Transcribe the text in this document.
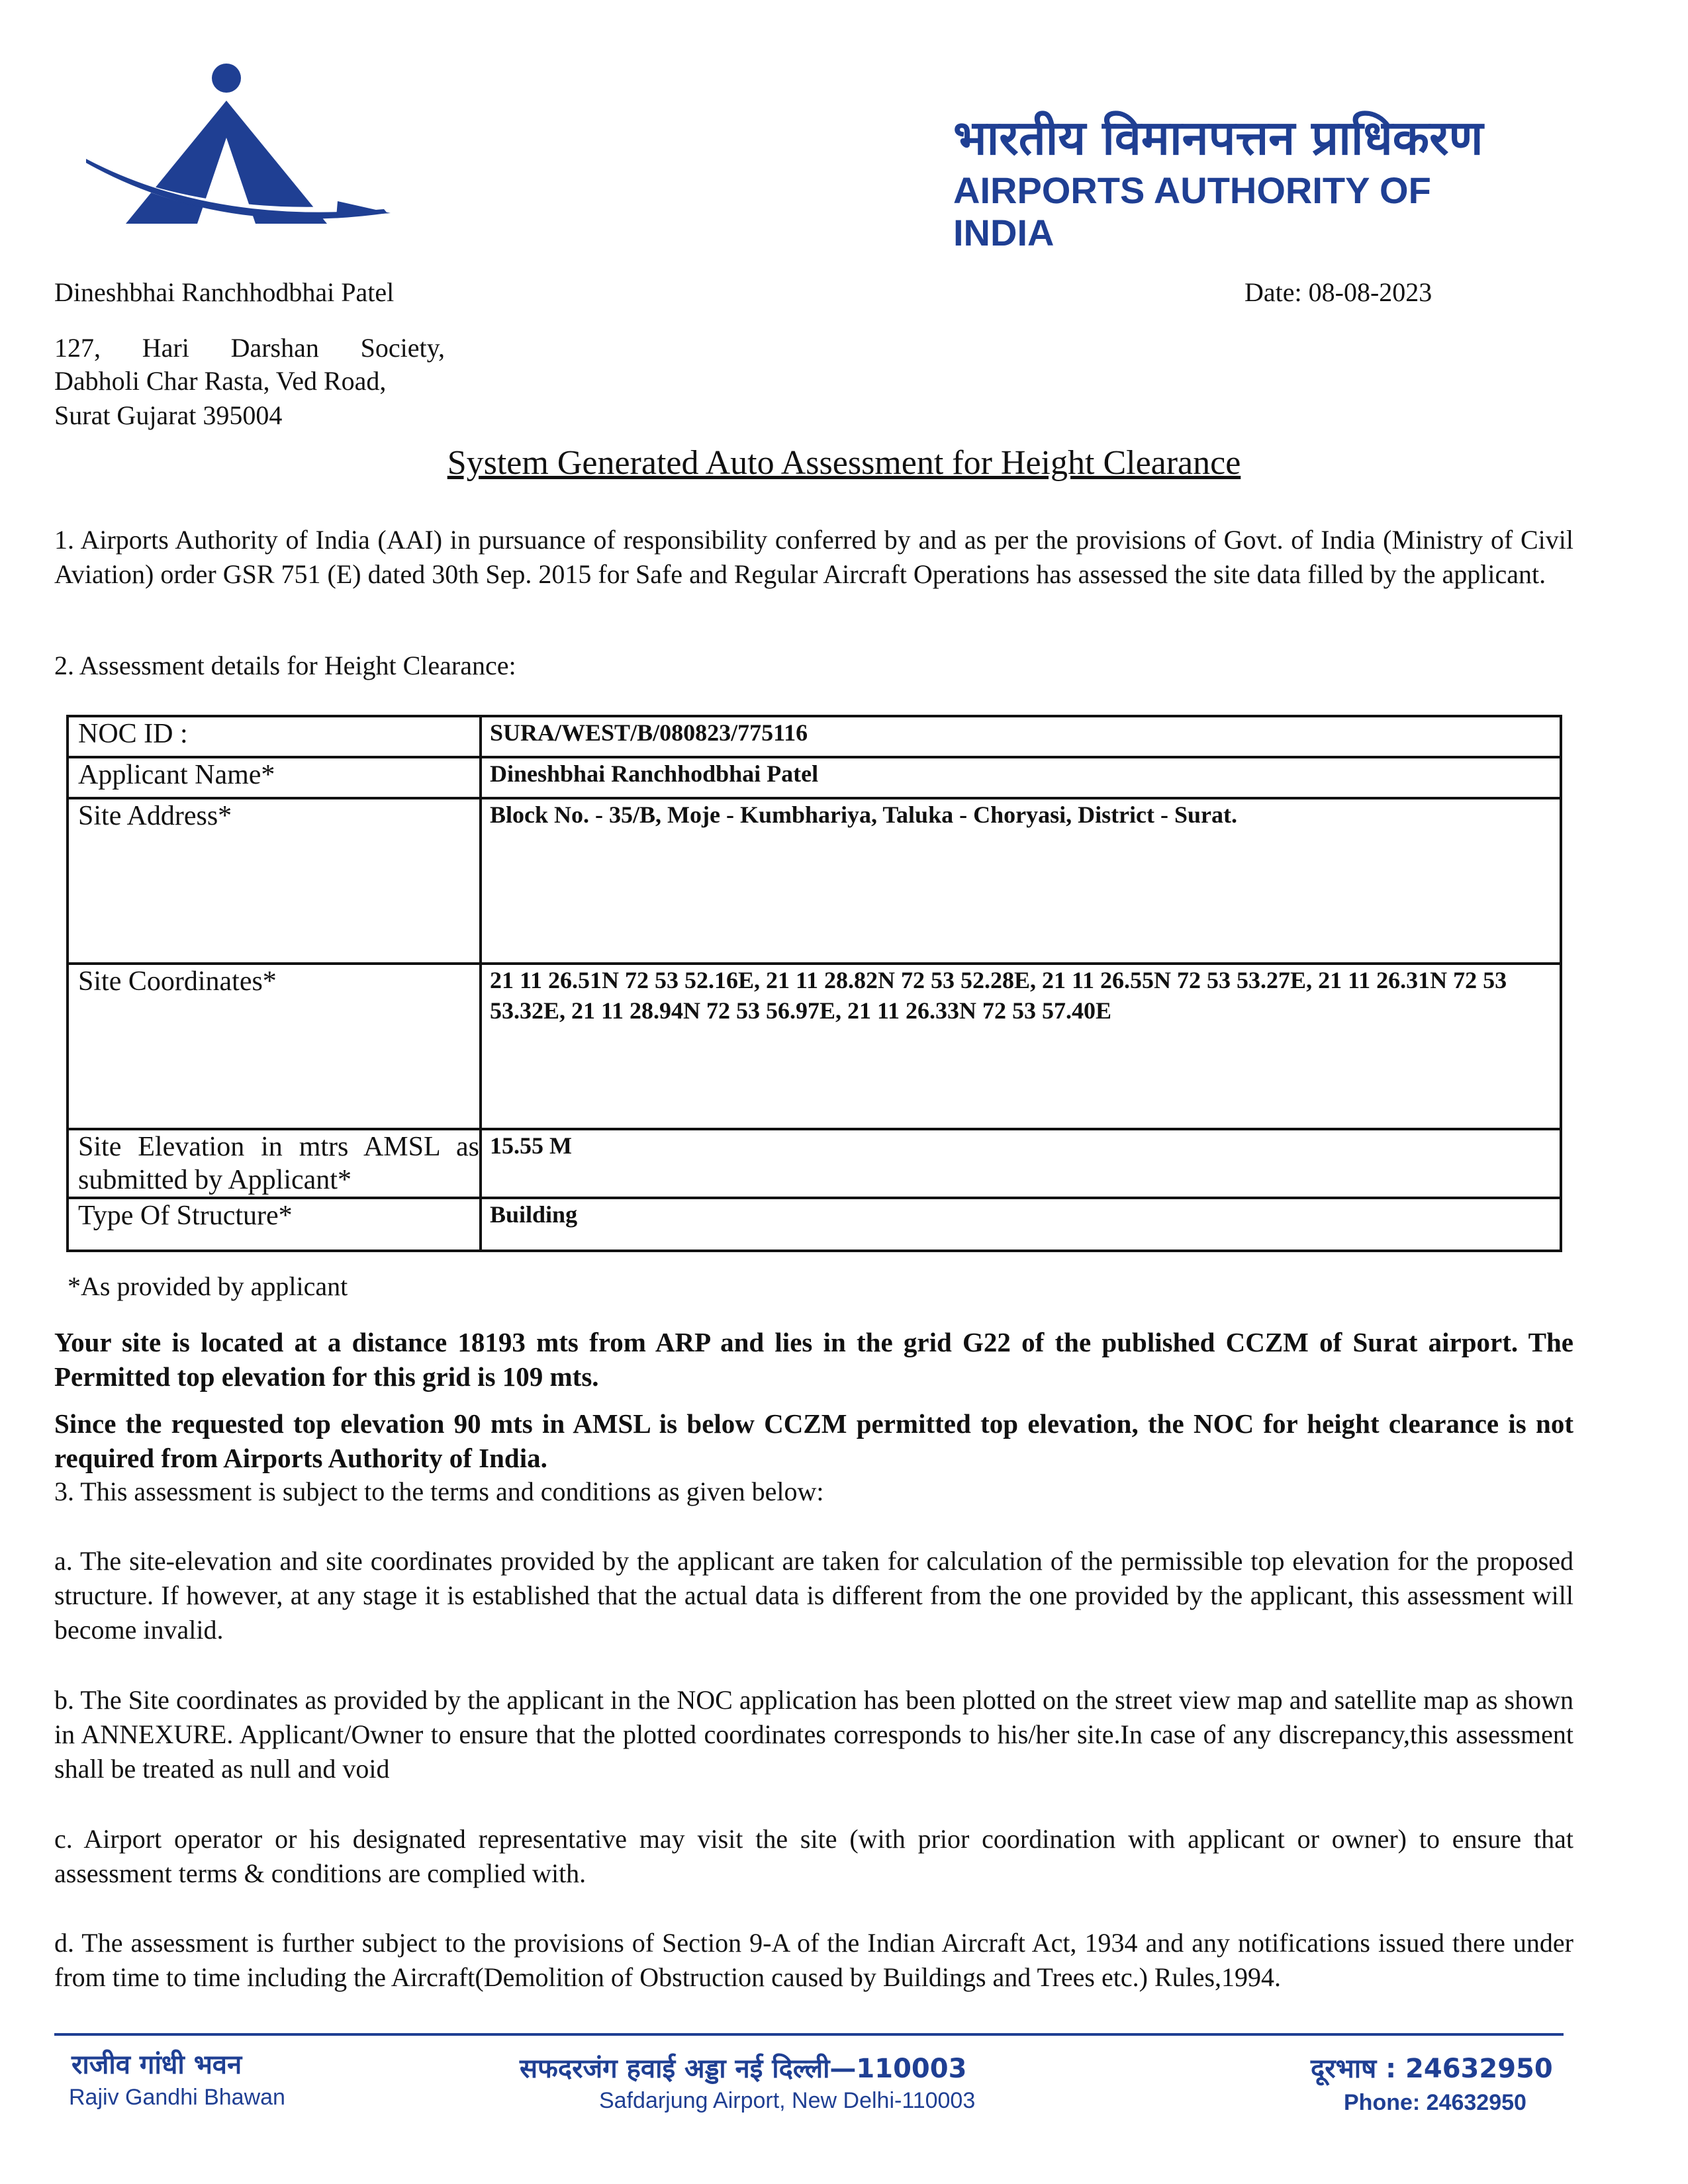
भारतीय विमानपत्तन प्राधिकरण
AIRPORTS AUTHORITY OF INDIA
Dineshbhai Ranchhodbhai Patel	Date: 08-08-2023
127, Hari Darshan Society,
Dabholi Char Rasta, Ved Road,
Surat Gujarat 395004
System Generated Auto Assessment for Height Clearance
1. Airports Authority of India (AAI) in pursuance of responsibility conferred by and as per the provisions of Govt. of India (Ministry of Civil Aviation) order GSR 751 (E) dated 30th Sep. 2015 for Safe and Regular Aircraft Operations has assessed the site data filled by the applicant.
2. Assessment details for Height Clearance:
NOC ID :	SURA/WEST/B/080823/775116
Applicant Name*	Dineshbhai Ranchhodbhai Patel
Site Address*	Block No. - 35/B, Moje - Kumbhariya, Taluka - Choryasi, District - Surat.
Site Coordinates*	21 11 26.51N 72 53 52.16E, 21 11 28.82N 72 53 52.28E, 21 11 26.55N 72 53 53.27E, 21 11 26.31N 72 53 53.32E, 21 11 28.94N 72 53 56.97E, 21 11 26.33N 72 53 57.40E
Site Elevation in mtrs AMSL as submitted by Applicant*	15.55 M
Type Of Structure*	Building
*As provided by applicant
Your site is located at a distance 18193 mts from ARP and lies in the grid G22 of the published CCZM of Surat airport. The Permitted top elevation for this grid is 109 mts.
Since the requested top elevation 90 mts in AMSL is below CCZM permitted top elevation, the NOC for height clearance is not required from Airports Authority of India.
3. This assessment is subject to the terms and conditions as given below:
a. The site-elevation and site coordinates provided by the applicant are taken for calculation of the permissible top elevation for the proposed structure. If however, at any stage it is established that the actual data is different from the one provided by the applicant, this assessment will become invalid.
b. The Site coordinates as provided by the applicant in the NOC application has been plotted on the street view map and satellite map as shown in ANNEXURE. Applicant/Owner to ensure that the plotted coordinates corresponds to his/her site.In case of any discrepancy,this assessment shall be treated as null and void
c. Airport operator or his designated representative may visit the site (with prior coordination with applicant or owner) to ensure that assessment terms & conditions are complied with.
d. The assessment is further subject to the provisions of Section 9-A of the Indian Aircraft Act, 1934 and any notifications issued there under from time to time including the Aircraft(Demolition of Obstruction caused by Buildings and Trees etc.) Rules,1994.
राजीव गांधी भवन
Rajiv Gandhi Bhawan
सफदरजंग हवाई अड्डा नई दिल्ली—110003
Safdarjung Airport, New Delhi-110003
दूरभाष : 24632950
Phone: 24632950
